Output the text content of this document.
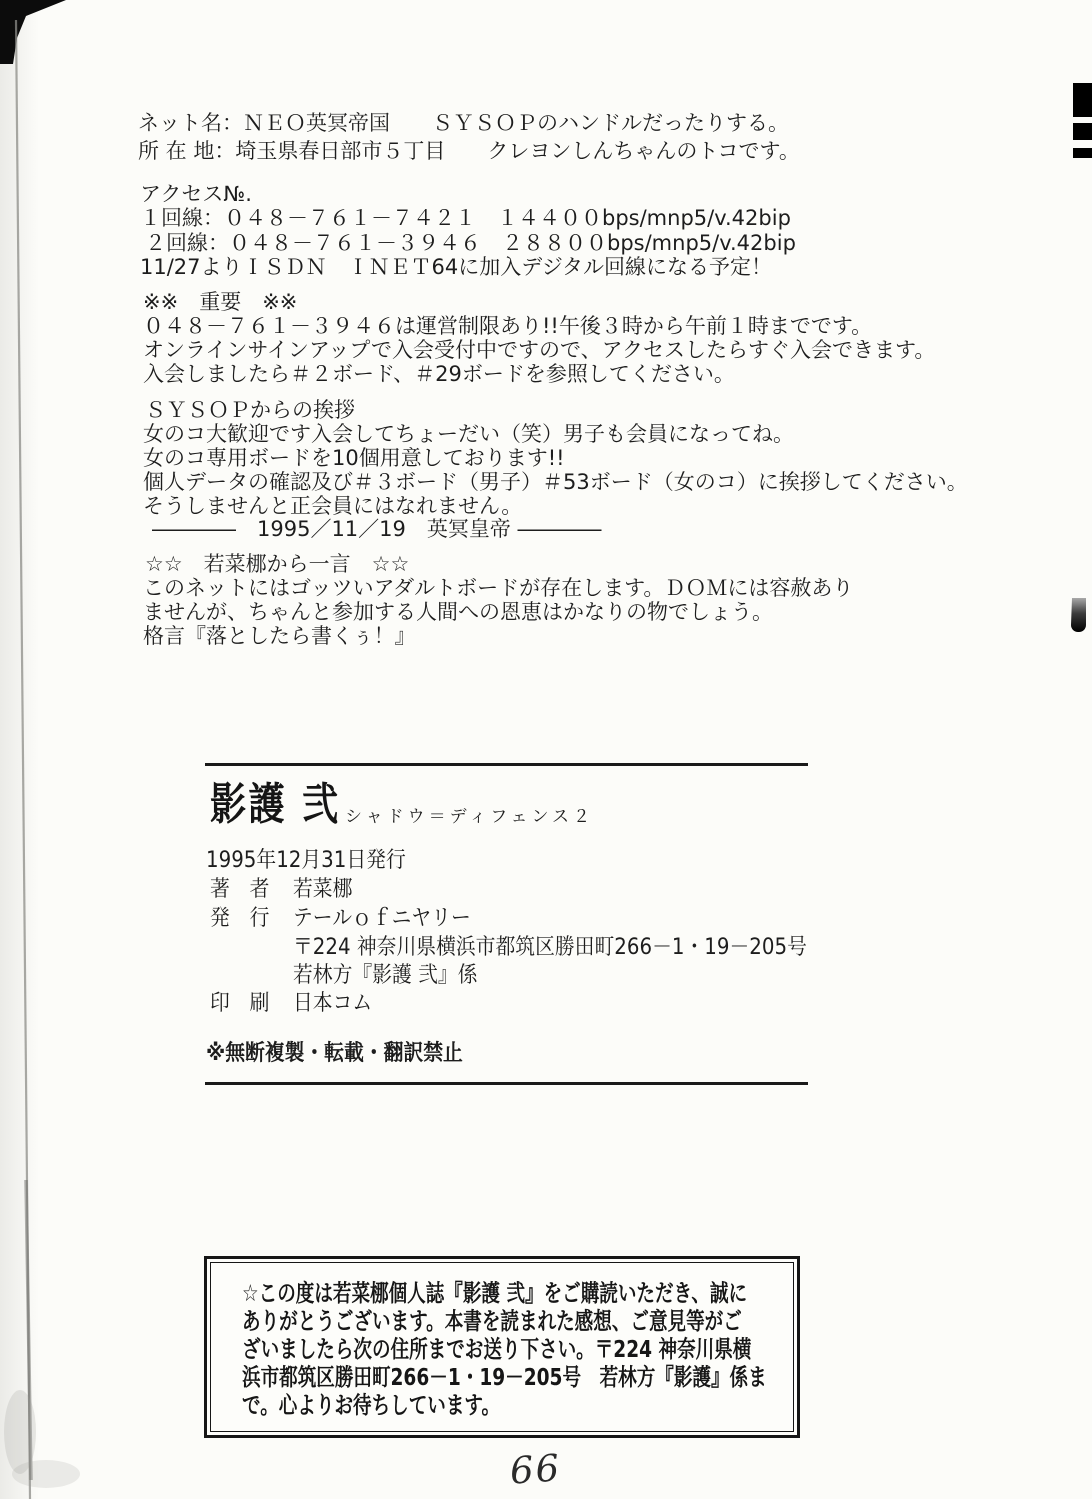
ネット名：ＮＥＯ英冥帝国　　ＳＹＳＯＰのハンドルだったりする。
所 在 地：埼玉県春日部市５丁目　　クレヨンしんちゃんのトコです。
アクセス№.
１回線：０４８－７６１－７４２１　１４４００bps/mnp5/v.42bip
２回線：０４８－７６１－３９４６　２８８００bps/mnp5/v.42bip
11/27よりＩＳＤＮ　ＩＮＥＴ64に加入デジタル回線になる予定！
※※　重要　※※
０４８－７６１－３９４６は運営制限あり!!午後３時から午前１時までです。
オンラインサインアップで入会受付中ですので、アクセスしたらすぐ入会できます。
入会しましたら＃２ボード、＃29ボードを参照してください。
ＳＹＳＯＰからの挨拶
女のコ大歓迎です入会してちょーだい（笑）男子も会員になってね。
女のコ専用ボードを10個用意しております!!
個人データの確認及び＃３ボード（男子）＃53ボード（女のコ）に挨拶してください。
そうしませんと正会員にはなれません。
――――　1995／11／19　英冥皇帝 ――――
☆☆　若菜梛から一言　☆☆
このネットにはゴッツいアダルトボードが存在します。ＤＯＭには容赦あり
ませんが、ちゃんと参加する人間への恩恵はかなりの物でしょう。
格言『落としたら書くぅ！』
影護 弐 シャドウ＝ディフェンス２
1995年12月31日発行
著　者 若菜梛
発　行 テールｏｆニヤリー
〒224 神奈川県横浜市都筑区勝田町266－1・19－205号
若林方『影護 弐』係
印　刷 日本コム
※無断複製・転載・翻訳禁止
☆この度は若菜梛個人誌『影護 弐』をご購読いただき、誠に
ありがとうございます。本書を読まれた感想、ご意見等がご
ざいましたら次の住所までお送り下さい。〒224 神奈川県横
浜市都筑区勝田町266－1・19－205号　若林方『影護』係ま
で。心よりお待ちしています。
66
